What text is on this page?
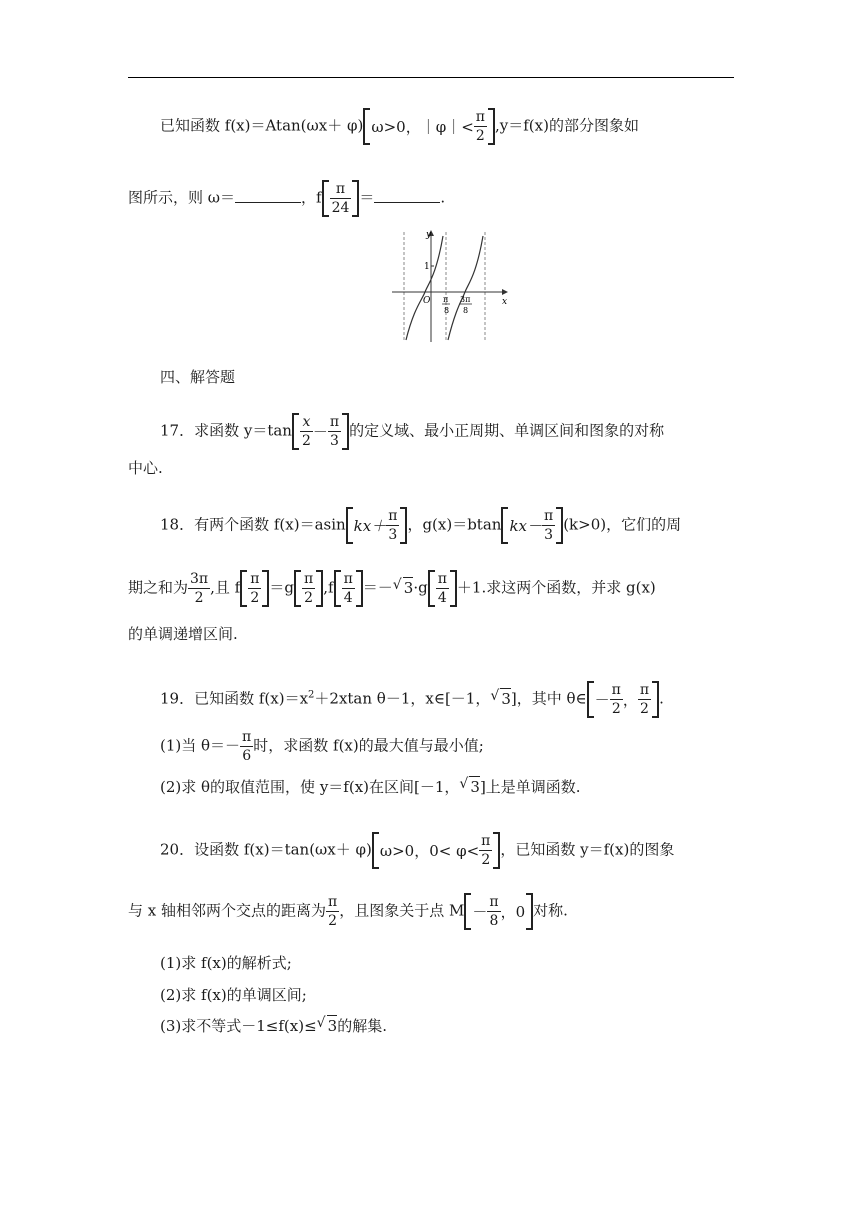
已知函数 f(x)＝Atan(ωx＋ φ) ω>0，｜φ｜< $\frac{\pi}{2} ,y=f(x)$的部分图象如
图所示，则 ω＝	，f $\frac{\pi}{24}$ ＝	.
y
x
1
O π
8
3π
8
四、解答题
17．求函数 $y=\tan \frac{x}{2} - \frac{\pi}{3}$ 的定义域、最小正周期、单调区间和图象的对称
中心.
18．有两个函数 f(x)＝asin $kx+ \frac{\pi}{3}$ ，g(x)＝btan $kx- \frac{\pi}{3} (k>0)$，它们的周
期之和为 $\frac{3\pi}{2}$ ,且 f $\frac{\pi}{2} =g \frac{\pi}{2} ,f \frac{\pi}{4}$ ＝－ √ $3\cdot g \frac{\pi}{4} +1$.求这两个函数，并求 g(x)
的单调递增区间.
19．已知函数 $f(x)=x^2+2xtan$ θ－1，x∈[－1， √ 3]，其中 θ∈ － $\frac{\pi}{2}$ ， $\frac{\pi}{2}$ .
(1)当 $\theta=- \frac{\pi}{6}$ 时，求函数 f(x)的最大值与最小值;
(2)求 θ的取值范围，使 y＝f(x)在区间[－1， √ 3]上是单调函数.
20．设函数 f(x)＝tan(ωx＋ φ) ω>0，$0< \varphi< \frac{\pi}{2}$ ，已知函数 y＝f(x)的图象
与 x 轴相邻两个交点的距离为 $\frac{\pi}{2}$ ，且图象关于点 $M - \frac{\pi}{8}$ ，0 对称.
(1)求 f(x)的解析式;
(2)求 f(x)的单调区间;
(3)求不等式－1≤f(x)≤ √ 3的解集.
